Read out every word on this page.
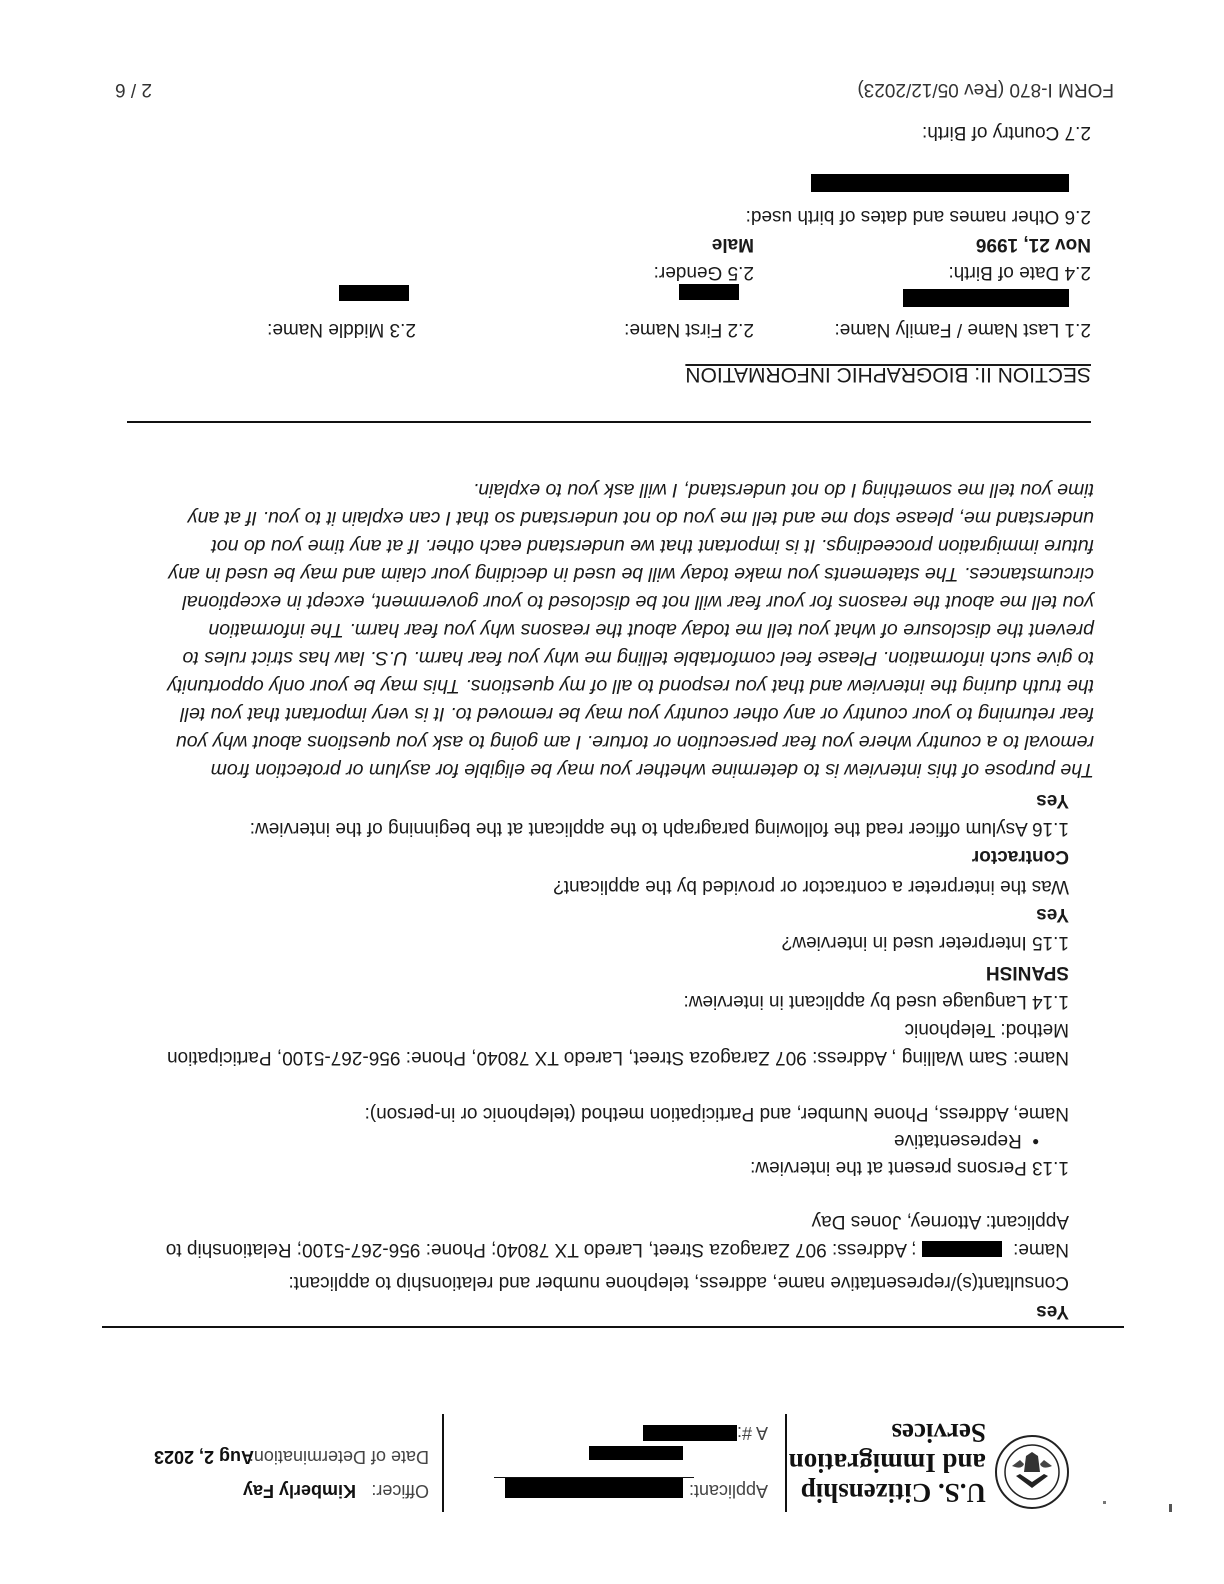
U.S. Citizenship
and Immigration
Services
Applicant:
A #:
Officer:
Kimberly Fay
Date of Determination:
Aug 2, 2023
Yes
Consultant(s)/representative name, address, telephone number and relationship to applicant:
Name:  ; Address: 907 Zaragoza Street, Laredo TX 78040; Phone: 956-267-5100; Relationship to
Applicant: Attorney, Jones Day
1.13 Persons present at the interview:
•  Representative
Name, Address, Phone Number, and Participation method (telephonic or in-person):
Name: Sam Walling , Address: 907 Zaragoza Street, Laredo TX 78040, Phone: 956-267-5100, Participation
Method: Telephonic
1.14 Language used by applicant in interview:
SPANISH
1.15 Interpreter used in interview?
Yes
Was the interpreter a contractor or provided by the applicant?
Contractor
1.16 Asylum officer read the following paragraph to the applicant at the beginning of the interview:
Yes
The purpose of this interview is to determine whether you may be eligible for asylum or protection from
removal to a country where you fear persecution or torture. I am going to ask you questions about why you
fear returning to your country or any other country you may be removed to. It is very important that you tell
the truth during the interview and that you respond to all of my questions. This may be your only opportunity
to give such information. Please feel comfortable telling me why you fear harm. U.S. law has strict rules to
prevent the disclosure of what you tell me today about the reasons why you fear harm. The information
you tell me about the reasons for your fear will not be disclosed to your government, except in exceptional
circumstances. The statements you make today will be used in deciding your claim and may be used in any
future immigration proceedings. It is important that we understand each other. If at any time you do not
understand me, please stop me and tell me you do not understand so that I can explain it to you. If at any
time you tell me something I do not understand, I will ask you to explain.
SECTION II: BIOGRAPHIC INFORMATION
2.1 Last Name / Family Name:
2.2 First Name:
2.3 Middle Name:
2.4 Date of Birth:
Nov 21, 1996
2.5 Gender:
Male
2.6 Other names and dates of birth used:
2.7 Country of Birth:
FORM I-870 (Rev 05/12/2023)
2 / 6
